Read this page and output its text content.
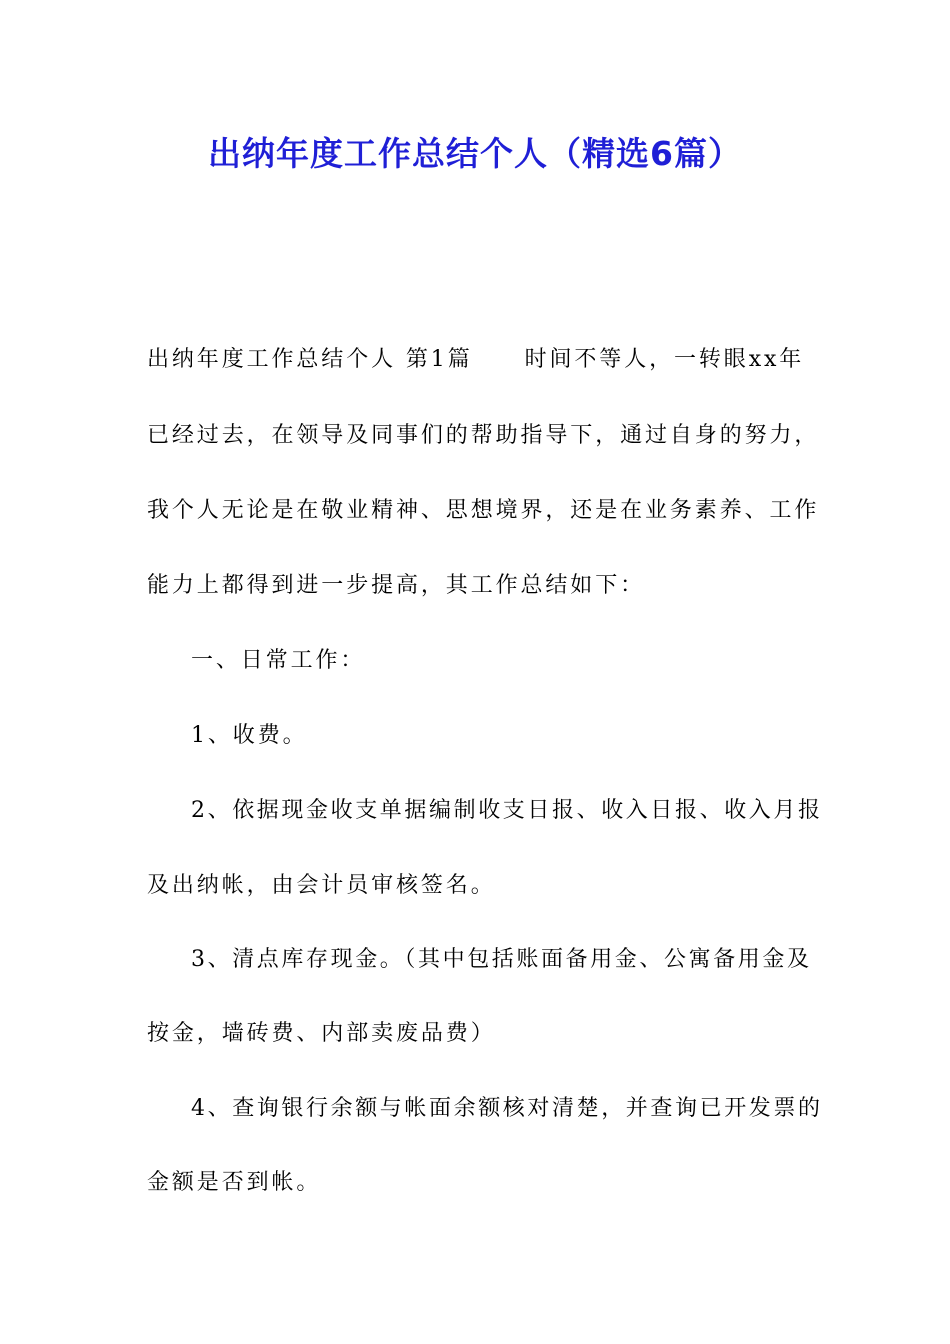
出纳年度工作总结个人（精选6篇）

出纳年度工作总结个人 第1篇 时间不等人，一转眼xx年

已经过去，在领导及同事们的帮助指导下，通过自身的努力，

我个人无论是在敬业精神、思想境界，还是在业务素养、工作

能力上都得到进一步提高，其工作总结如下：

一、日常工作：

1、收费。

2、依据现金收支单据编制收支日报、收入日报、收入月报

及出纳帐，由会计员审核签名。

3、清点库存现金。（其中包括账面备用金、公寓备用金及

按金，墙砖费、内部卖废品费）

4、查询银行余额与帐面余额核对清楚，并查询已开发票的

金额是否到帐。
